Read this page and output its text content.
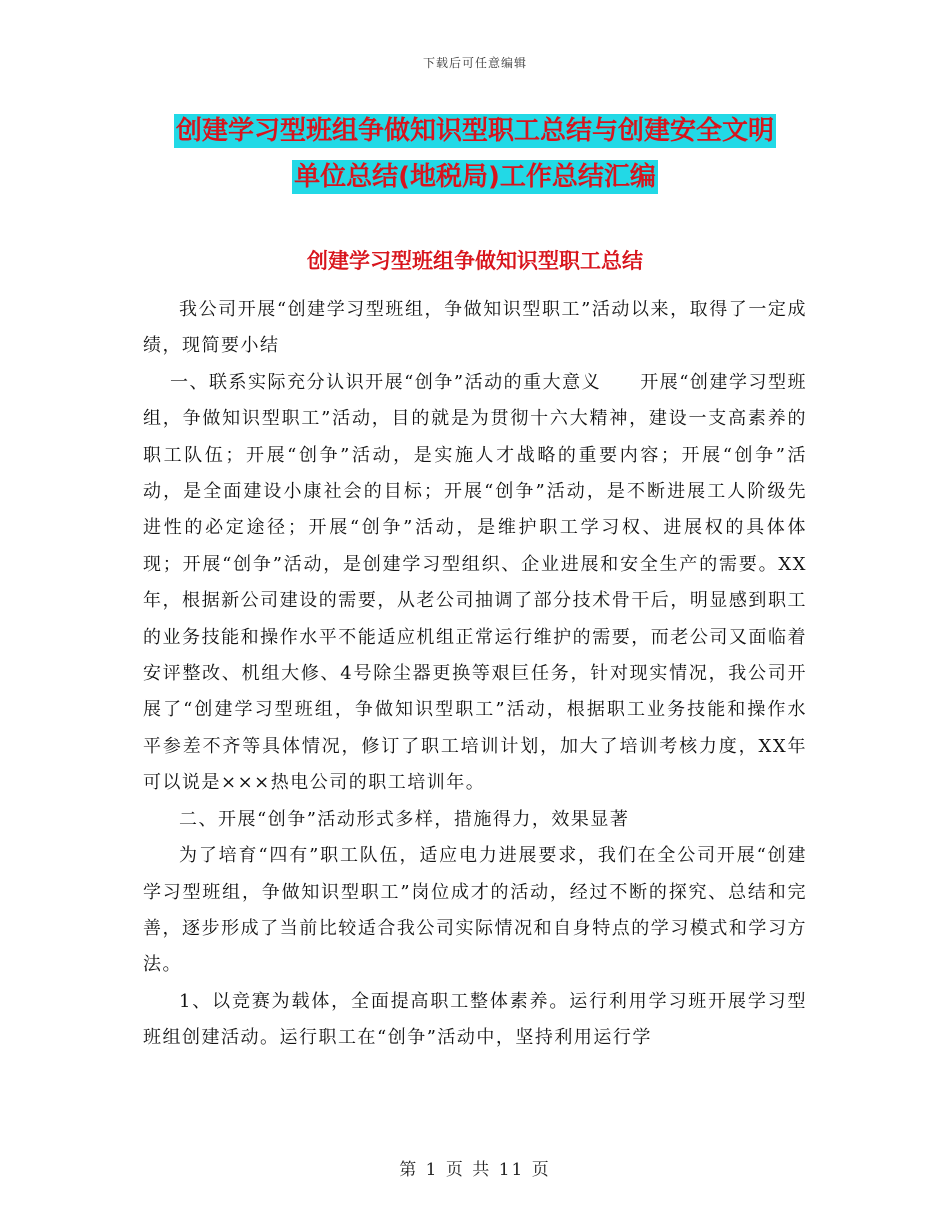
下载后可任意编辑
创建学习型班组争做知识型职工总结与创建安全文明
单位总结(地税局)工作总结汇编
创建学习型班组争做知识型职工总结

我公司开展“创建学习型班组，争做知识型职工”活动以来，取得了一定成绩，现简要小结

一、联系实际充分认识开展“创争”活动的重大意义　　开展“创建学习型班组，争做知识型职工”活动，目的就是为贯彻十六大精神，建设一支高素养的职工队伍；开展“创争”活动，是实施人才战略的重要内容；开展“创争”活动，是全面建设小康社会的目标；开展“创争”活动，是不断进展工人阶级先进性的必定途径；开展“创争”活动，是维护职工学习权、进展权的具体体现；开展“创争”活动，是创建学习型组织、企业进展和安全生产的需要。XX年，根据新公司建设的需要，从老公司抽调了部分技术骨干后，明显感到职工的业务技能和操作水平不能适应机组正常运行维护的需要，而老公司又面临着安评整改、机组大修、4号除尘器更换等艰巨任务，针对现实情况，我公司开展了“创建学习型班组，争做知识型职工”活动，根据职工业务技能和操作水平参差不齐等具体情况，修订了职工培训计划，加大了培训考核力度，XX年可以说是×××热电公司的职工培训年。

二、开展“创争”活动形式多样，措施得力，效果显著

为了培育“四有”职工队伍，适应电力进展要求，我们在全公司开展“创建学习型班组，争做知识型职工”岗位成才的活动，经过不断的探究、总结和完善，逐步形成了当前比较适合我公司实际情况和自身特点的学习模式和学习方法。

1、以竞赛为载体，全面提高职工整体素养。运行利用学习班开展学习型班组创建活动。运行职工在“创争”活动中，坚持利用运行学

第 1 页 共 11 页
